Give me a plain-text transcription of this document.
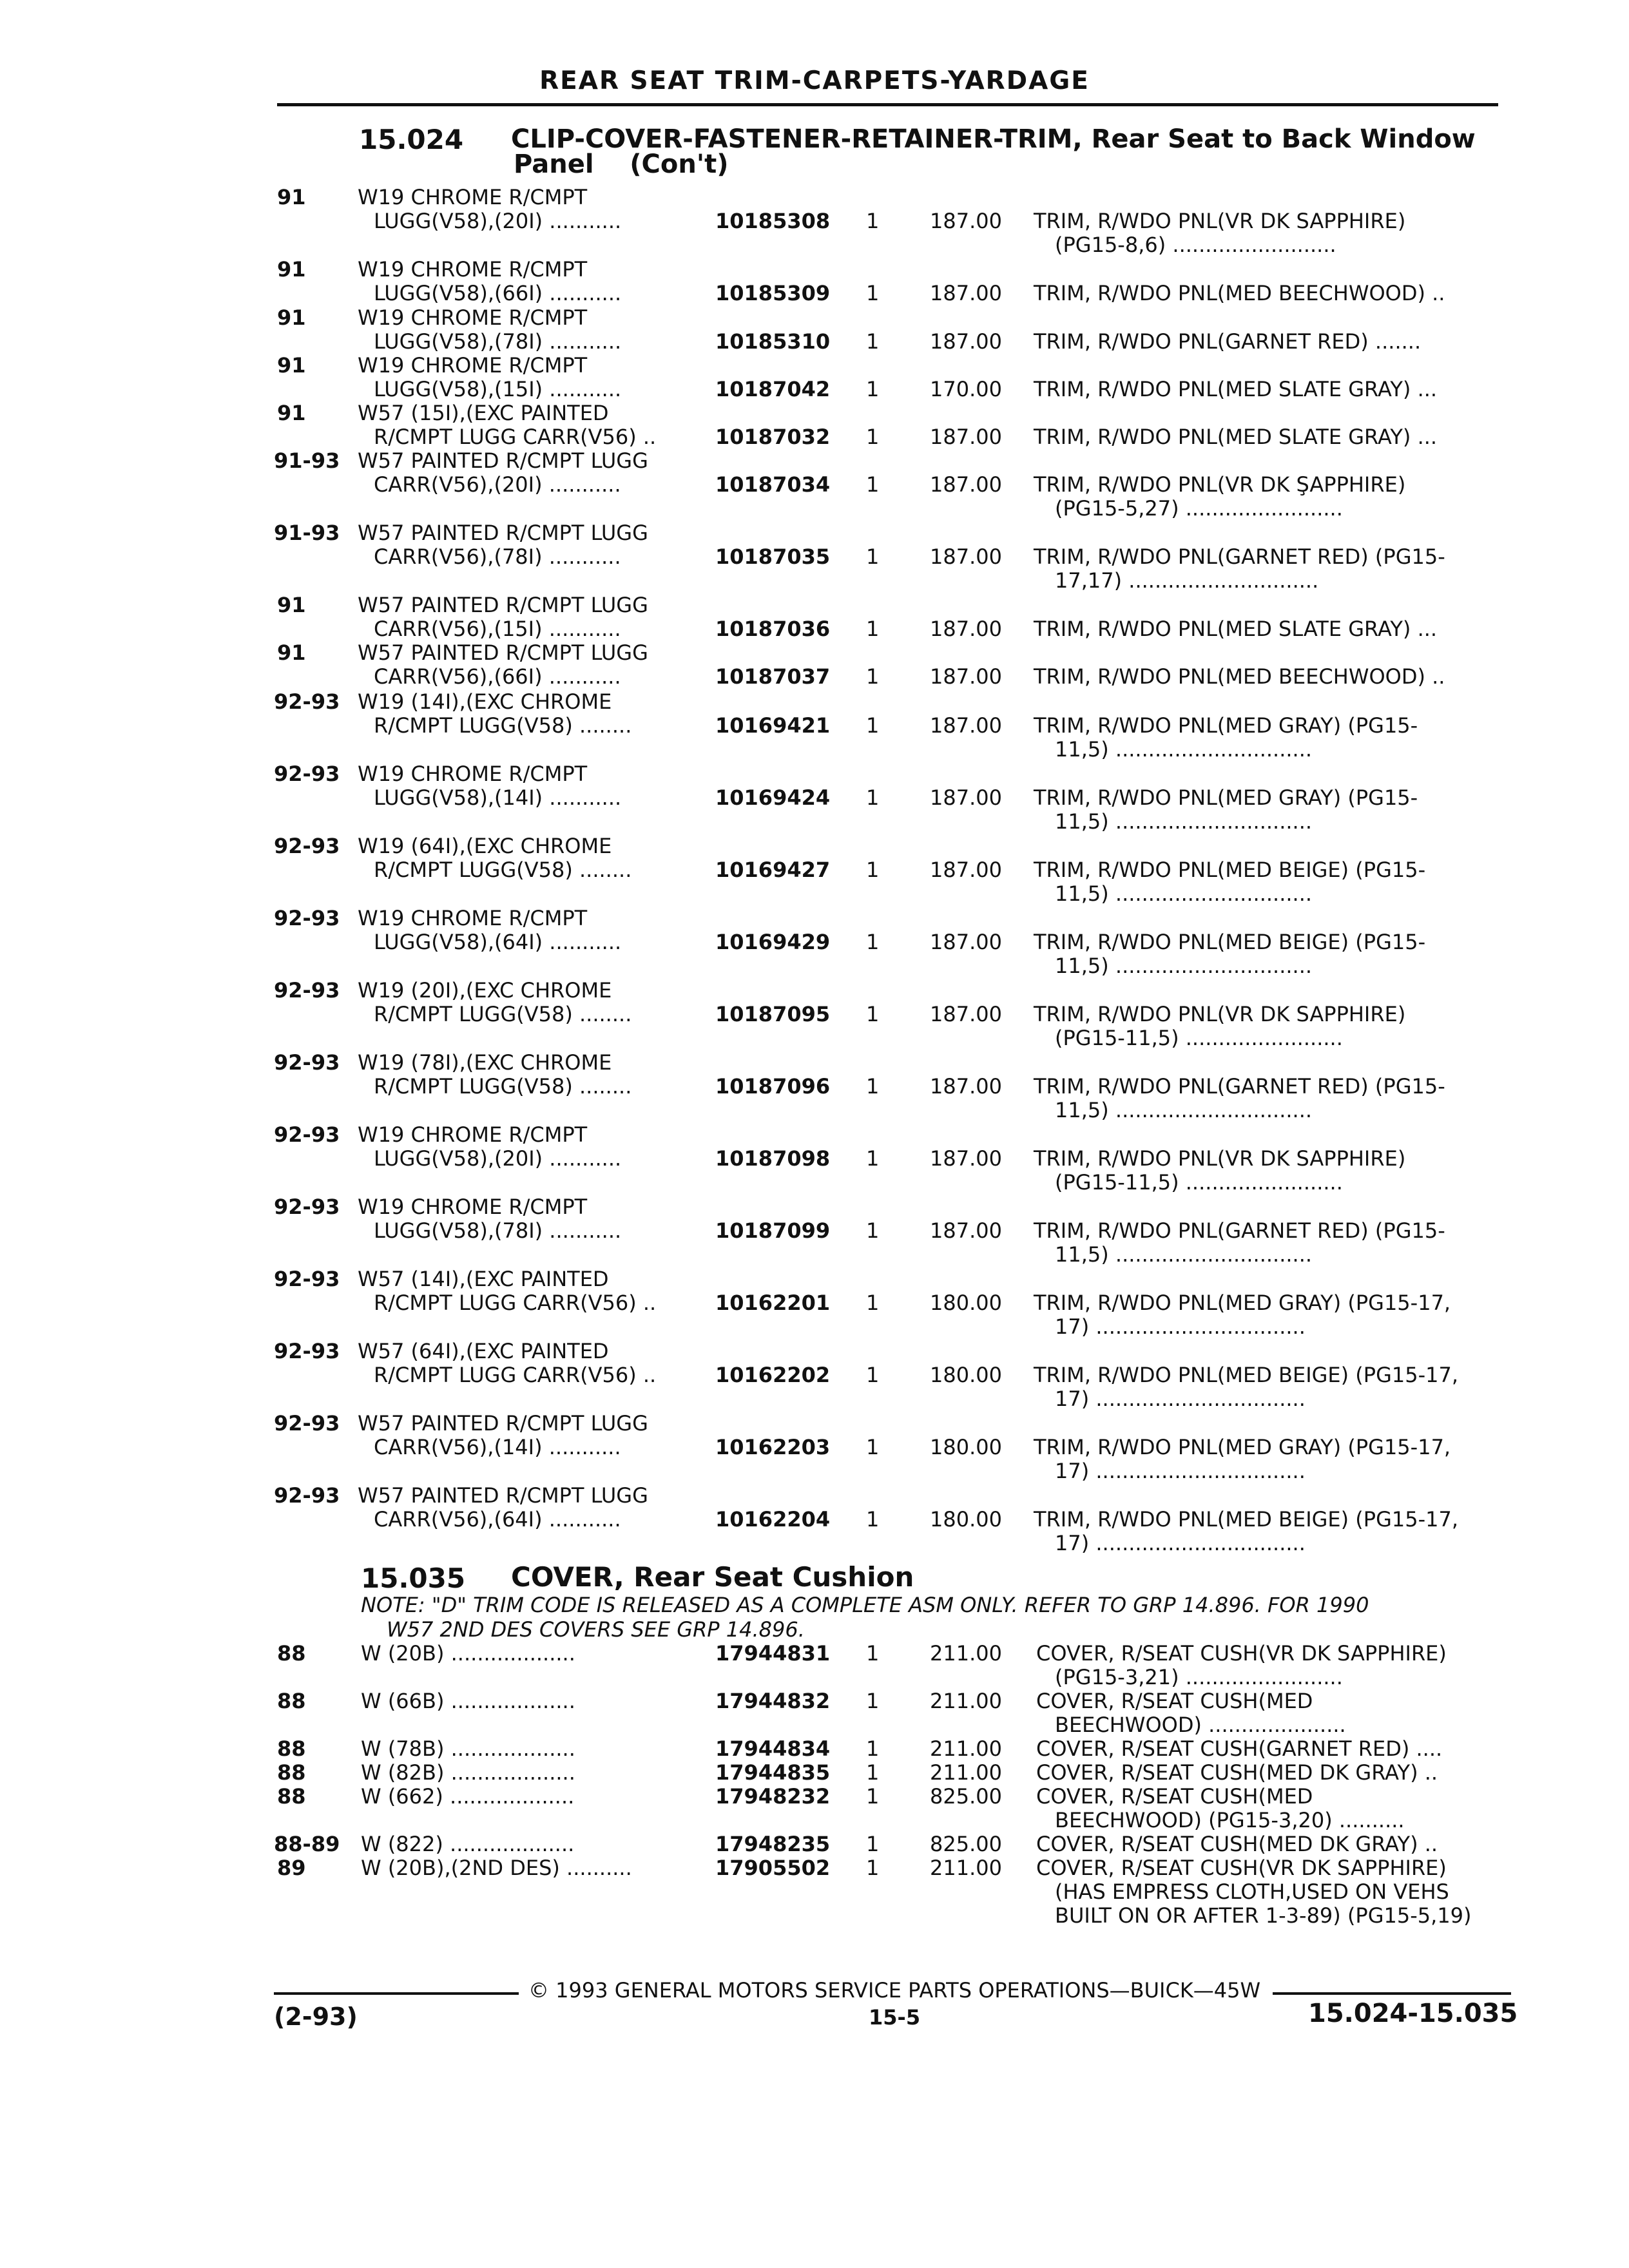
REAR SEAT TRIM-CARPETS-YARDAGE
15.024 CLIP-COVER-FASTENER-RETAINER-TRIM, Rear Seat to Back Window
Panel    (Con't)
91	W19 CHROME R/CMPT
LUGG(V58),(20I) ...........	10185308 1 187.00 TRIM, R/WDO PNL(VR DK SAPPHIRE)
(PG15-8,6) .........................
91	W19 CHROME R/CMPT
LUGG(V58),(66I) ...........	10185309 1 187.00 TRIM, R/WDO PNL(MED BEECHWOOD) ..
91	W19 CHROME R/CMPT
LUGG(V58),(78I) ...........	10185310 1 187.00 TRIM, R/WDO PNL(GARNET RED) .......
91	W19 CHROME R/CMPT
LUGG(V58),(15I) ...........	10187042 1 170.00 TRIM, R/WDO PNL(MED SLATE GRAY) ...
91	W57 (15I),(EXC PAINTED
R/CMPT LUGG CARR(V56) ..	10187032 1 187.00 TRIM, R/WDO PNL(MED SLATE GRAY) ...
91-93 W57 PAINTED R/CMPT LUGG
CARR(V56),(20I) ...........	10187034 1 187.00 TRIM, R/WDO PNL(VR DK ŞAPPHIRE)
(PG15-5,27) ........................
91-93 W57 PAINTED R/CMPT LUGG
CARR(V56),(78I) ...........	10187035 1 187.00 TRIM, R/WDO PNL(GARNET RED) (PG15-
17,17) .............................
91	W57 PAINTED R/CMPT LUGG
CARR(V56),(15I) ...........	10187036 1 187.00 TRIM, R/WDO PNL(MED SLATE GRAY) ...
91	W57 PAINTED R/CMPT LUGG
CARR(V56),(66I) ...........	10187037 1 187.00 TRIM, R/WDO PNL(MED BEECHWOOD) ..
92-93 W19 (14I),(EXC CHROME
R/CMPT LUGG(V58) ........	10169421 1 187.00 TRIM, R/WDO PNL(MED GRAY) (PG15-
11,5) ..............................
92-93 W19 CHROME R/CMPT
LUGG(V58),(14I) ...........	10169424 1 187.00 TRIM, R/WDO PNL(MED GRAY) (PG15-
11,5) ..............................
92-93 W19 (64I),(EXC CHROME
R/CMPT LUGG(V58) ........	10169427 1 187.00 TRIM, R/WDO PNL(MED BEIGE) (PG15-
11,5) ..............................
92-93 W19 CHROME R/CMPT
LUGG(V58),(64I) ...........	10169429 1 187.00 TRIM, R/WDO PNL(MED BEIGE) (PG15-
11,5) ..............................
92-93 W19 (20I),(EXC CHROME
R/CMPT LUGG(V58) ........	10187095 1 187.00 TRIM, R/WDO PNL(VR DK SAPPHIRE)
(PG15-11,5) ........................
92-93 W19 (78I),(EXC CHROME
R/CMPT LUGG(V58) ........	10187096 1 187.00 TRIM, R/WDO PNL(GARNET RED) (PG15-
11,5) ..............................
92-93 W19 CHROME R/CMPT
LUGG(V58),(20I) ...........	10187098 1 187.00 TRIM, R/WDO PNL(VR DK SAPPHIRE)
(PG15-11,5) ........................
92-93 W19 CHROME R/CMPT
LUGG(V58),(78I) ...........	10187099 1 187.00 TRIM, R/WDO PNL(GARNET RED) (PG15-
11,5) ..............................
92-93 W57 (14I),(EXC PAINTED
R/CMPT LUGG CARR(V56) ..	10162201 1 180.00 TRIM, R/WDO PNL(MED GRAY) (PG15-17,
17) ................................
92-93 W57 (64I),(EXC PAINTED
R/CMPT LUGG CARR(V56) ..	10162202 1 180.00 TRIM, R/WDO PNL(MED BEIGE) (PG15-17,
17) ................................
92-93 W57 PAINTED R/CMPT LUGG
CARR(V56),(14I) ...........	10162203 1 180.00 TRIM, R/WDO PNL(MED GRAY) (PG15-17,
17) ................................
92-93 W57 PAINTED R/CMPT LUGG
CARR(V56),(64I) ...........	10162204 1 180.00 TRIM, R/WDO PNL(MED BEIGE) (PG15-17,
17) ................................
15.035 COVER, Rear Seat Cushion
NOTE: "D" TRIM CODE IS RELEASED AS A COMPLETE ASM ONLY. REFER TO GRP 14.896. FOR 1990
W57 2ND DES COVERS SEE GRP 14.896.
88	W (20B) ...................	17944831 1 211.00 COVER, R/SEAT CUSH(VR DK SAPPHIRE)
(PG15-3,21) ........................
88	W (66B) ...................	17944832 1 211.00 COVER, R/SEAT CUSH(MED
BEECHWOOD) .....................
88	W (78B) ...................	17944834 1 211.00 COVER, R/SEAT CUSH(GARNET RED) ....
88	W (82B) ...................	17944835 1 211.00 COVER, R/SEAT CUSH(MED DK GRAY) ..
88	W (662) ...................	17948232 1 825.00 COVER, R/SEAT CUSH(MED
BEECHWOOD) (PG15-3,20) ..........
88-89 W (822) ...................	17948235 1 825.00 COVER, R/SEAT CUSH(MED DK GRAY) ..
89	W (20B),(2ND DES) ..........	17905502 1 211.00 COVER, R/SEAT CUSH(VR DK SAPPHIRE)
(HAS EMPRESS CLOTH,USED ON VEHS
BUILT ON OR AFTER 1-3-89) (PG15-5,19)
© 1993 GENERAL MOTORS SERVICE PARTS OPERATIONS—BUICK—45W
(2-93)	15-5	15.024-15.035
